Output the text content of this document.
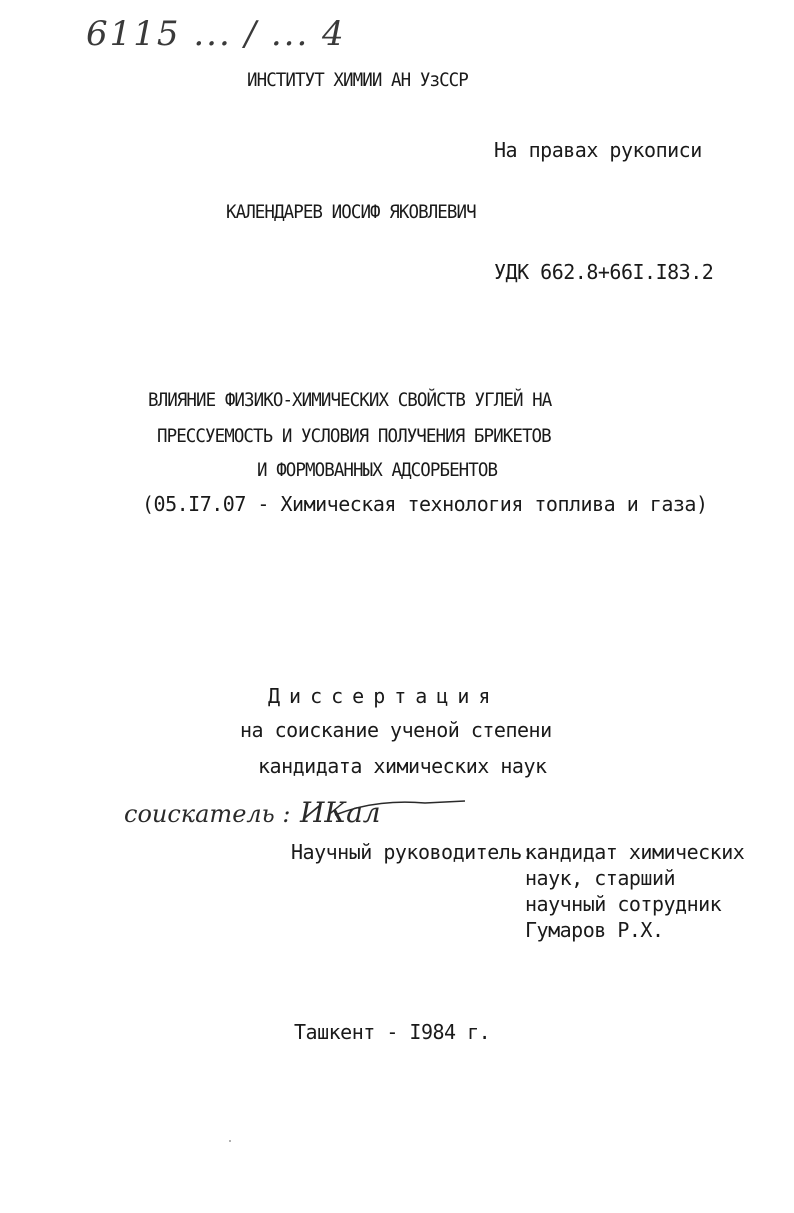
6115 ... / ... 4
ИНСТИТУТ ХИМИИ АН УзССР
На правах рукописи
КАЛЕНДАРЕВ ИОСИФ ЯКОВЛЕВИЧ
УДК 662.8+66I.I83.2
ВЛИЯНИЕ ФИЗИКО-ХИМИЧЕСКИХ СВОЙСТВ УГЛЕЙ НА
ПРЕССУЕМОСТЬ И УСЛОВИЯ ПОЛУЧЕНИЯ БРИКЕТОВ
И ФОРМОВАННЫХ АДСОРБЕНТОВ
(05.I7.07 - Химическая технология топлива и газа)
Диссертация
на соискание ученой степени
кандидата химических наук
соискатель : ИКал
Научный руководитель:
кандидат химических
наук, старший
научный сотрудник
Гумаров Р.Х.
Ташкент - I984 г.
